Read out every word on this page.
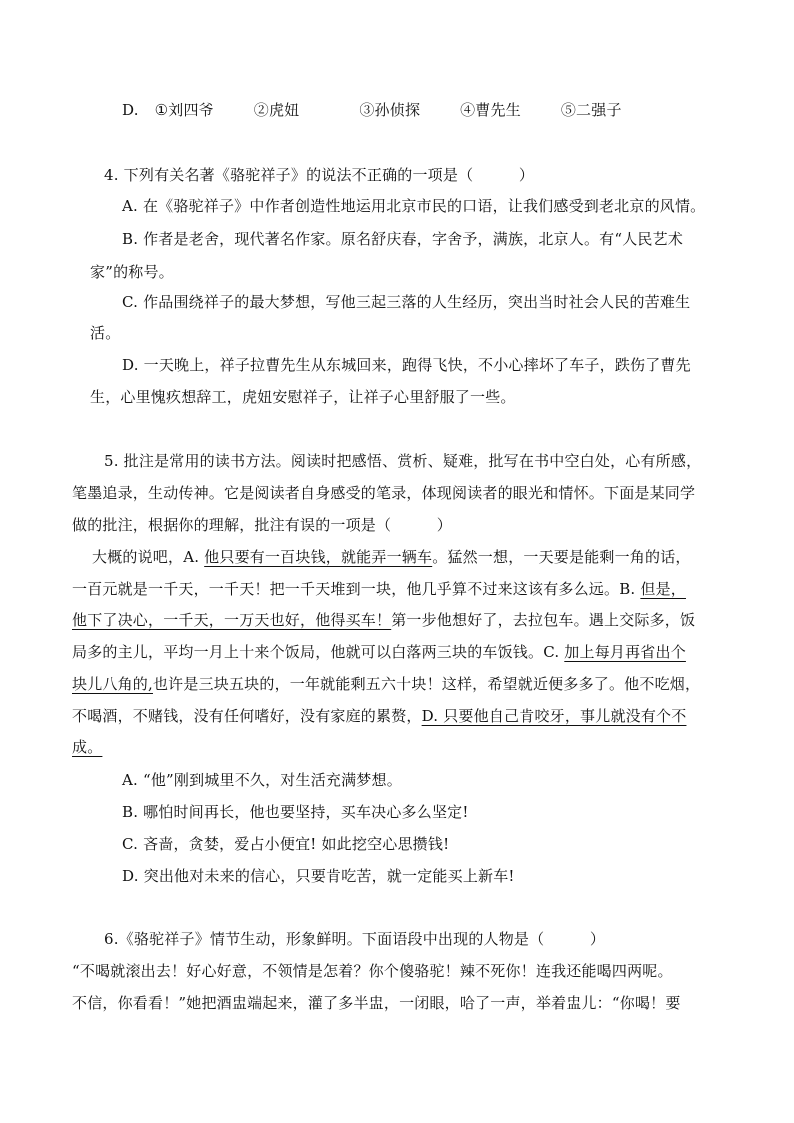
D. ①刘四爷	②虎妞	③孙侦探	④曹先生	⑤二强子
4. 下列有关名著《骆驼祥子》的说法不正确的一项是（　　　）
A. 在《骆驼祥子》中作者创造性地运用北京市民的口语，让我们感受到老北京的风情。
B. 作者是老舍，现代著名作家。原名舒庆春，字舍予，满族，北京人。有“人民艺术
家”的称号。
C. 作品围绕祥子的最大梦想，写他三起三落的人生经历，突出当时社会人民的苦难生
活。
D. 一天晚上，祥子拉曹先生从东城回来，跑得飞快，不小心摔坏了车子，跌伤了曹先
生，心里愧疚想辞工，虎妞安慰祥子，让祥子心里舒服了一些。
5. 批注是常用的读书方法。阅读时把感悟、赏析、疑难，批写在书中空白处，心有所感，
笔墨追录，生动传神。它是阅读者自身感受的笔录，体现阅读者的眼光和情怀。下面是某同学
做的批注，根据你的理解，批注有误的一项是（　　　）
大概的说吧，A. 他只要有一百块钱，就能弄一辆车。猛然一想，一天要是能剩一角的话，
一百元就是一千天，一千天！把一千天堆到一块，他几乎算不过来这该有多么远。B. 但是，
他下了决心，一千天，一万天也好，他得买车！第一步他想好了，去拉包车。遇上交际多，饭
局多的主儿，平均一月上十来个饭局，他就可以白落两三块的车饭钱。C. 加上每月再省出个
块儿八角的,也许是三块五块的，一年就能剩五六十块！这样，希望就近便多多了。他不吃烟，
不喝酒，不赌钱，没有任何嗜好，没有家庭的累赘，D. 只要他自己肯咬牙，事儿就没有个不
成。
A. “他”刚到城里不久，对生活充满梦想。
B. 哪怕时间再长，他也要坚持，买车决心多么坚定!
C. 吝啬，贪婪，爱占小便宜! 如此挖空心思攒钱!
D. 突出他对未来的信心，只要肯吃苦，就一定能买上新车!
6.《骆驼祥子》情节生动，形象鲜明。下面语段中出现的人物是（　　　）
“不喝就滚出去！好心好意，不领情是怎着？你个傻骆驼！辣不死你！连我还能喝四两呢。
不信，你看看！”她把酒盅端起来，灌了多半盅，一闭眼，哈了一声，举着盅儿：“你喝！要
